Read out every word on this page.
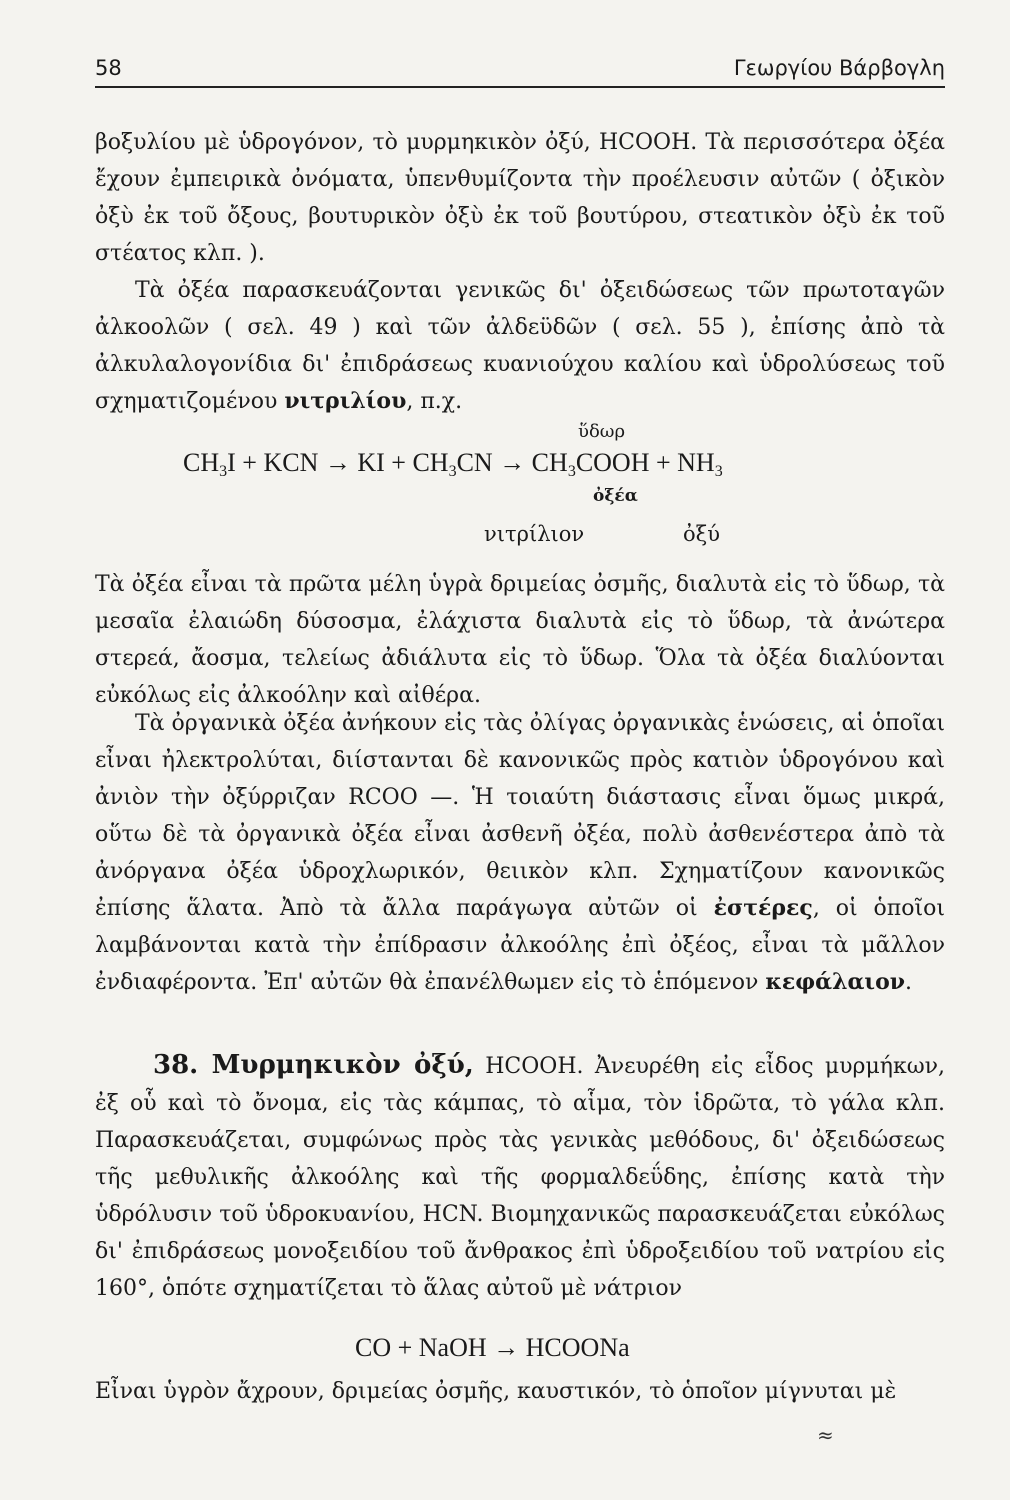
58	Γεωργίου Βάρβογλη

βοξυλίου μὲ ὑδρογόνον, τὸ μυρμηκικὸν ὀξύ, HCOOH. Τὰ περισσότερα ὀξέα ἔχουν ἐμπειρικὰ ὀνόματα, ὑπενθυμίζοντα τὴν προέλευσιν αὐτῶν ( ὀξικὸν ὀξὺ ἐκ τοῦ ὄξους, βουτυρικὸν ὀξὺ ἐκ τοῦ βουτύρου, στεατικὸν ὀξὺ ἐκ τοῦ στέατος κλπ. ).

Τὰ ὀξέα παρασκευάζονται γενικῶς δι' ὀξειδώσεως τῶν πρωτοταγῶν ἀλκοολῶν ( σελ. 49 ) καὶ τῶν ἀλδεϋδῶν ( σελ. 55 ), ἐπίσης ἀπὸ τὰ ἀλκυλαλογονίδια δι' ἐπιδράσεως κυανιούχου καλίου καὶ ὑδρολύσεως τοῦ σχηματιζομένου νιτριλίου, π.χ.

ὕδωρ
$CH_3I$ + KCN → KI + $CH_3CN$ → $CH_3COOH + NH_3$
ὀξέα
νιτρίλιον	ὀξύ

Τὰ ὀξέα εἶναι τὰ πρῶτα μέλη ὑγρὰ δριμείας ὀσμῆς, διαλυτὰ εἰς τὸ ὕδωρ, τὰ μεσαῖα ἐλαιώδη δύσοσμα, ἐλάχιστα διαλυτὰ εἰς τὸ ὕδωρ, τὰ ἀνώτερα στερεά, ἄοσμα, τελείως ἀδιάλυτα εἰς τὸ ὕδωρ. Ὅλα τὰ ὀξέα διαλύονται εὐκόλως εἰς ἀλκοόλην καὶ αἰθέρα.

Τὰ ὀργανικὰ ὀξέα ἀνήκουν εἰς τὰς ὀλίγας ὀργανικὰς ἑνώσεις, αἱ ὁποῖαι εἶναι ἠλεκτρολύται, διίστανται δὲ κανονικῶς πρὸς κατιὸν ὑδρογόνου καὶ ἀνιὸν τὴν ὀξύρριζαν RCOO —. Ἡ τοιαύτη διάστασις εἶναι ὅμως μικρά, οὕτω δὲ τὰ ὀργανικὰ ὀξέα εἶναι ἀσθενῆ ὀξέα, πολὺ ἀσθενέστερα ἀπὸ τὰ ἀνόργανα ὀξέα ὑδροχλωρικόν, θειικὸν κλπ. Σχηματίζουν κανονικῶς ἐπίσης ἅλατα. Ἀπὸ τὰ ἄλλα παράγωγα αὐτῶν οἱ ἐστέρες, οἱ ὁποῖοι λαμβάνονται κατὰ τὴν ἐπίδρασιν ἀλκοόλης ἐπὶ ὀξέος, εἶναι τὰ μᾶλλον ἐνδιαφέροντα. Ἐπ' αὐτῶν θὰ ἐπανέλθωμεν εἰς τὸ ἑπόμενον κεφάλαιον.

38. Μυρμηκικὸν ὀξύ, HCOOH. Ἀνευρέθη εἰς εἶδος μυρμήκων, ἐξ οὗ καὶ τὸ ὄνομα, εἰς τὰς κάμπας, τὸ αἷμα, τὸν ἱδρῶτα, τὸ γάλα κλπ. Παρασκευάζεται, συμφώνως πρὸς τὰς γενικὰς μεθόδους, δι' ὀξειδώσεως τῆς μεθυλικῆς ἀλκοόλης καὶ τῆς φορμαλδεΰδης, ἐπίσης κατὰ τὴν ὑδρόλυσιν τοῦ ὑδροκυανίου, HCN. Βιομηχανικῶς παρασκευάζεται εὐκόλως δι' ἐπιδράσεως μονοξειδίου τοῦ ἄνθρακος ἐπὶ ὑδροξειδίου τοῦ νατρίου εἰς 160°, ὁπότε σχηματίζεται τὸ ἅλας αὐτοῦ μὲ νάτριον

CO + NaOH → HCOONa

Εἶναι ὑγρὸν ἄχρουν, δριμείας ὀσμῆς, καυστικόν, τὸ ὁποῖον μίγνυται μὲ

≈
